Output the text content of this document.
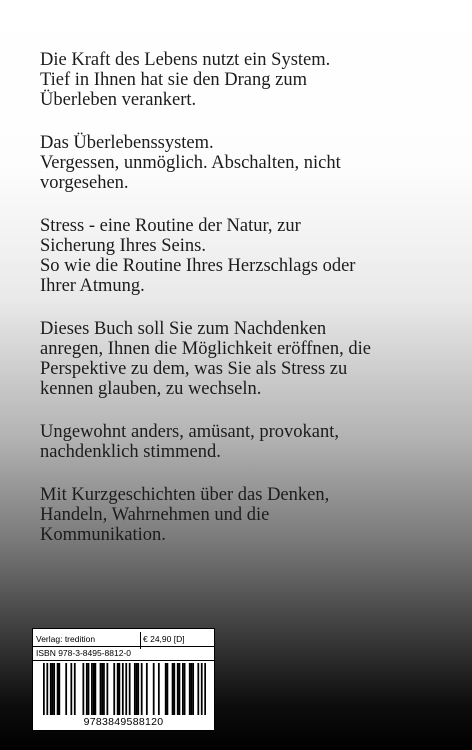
Die Kraft des Lebens nutzt ein System.
Tief in Ihnen hat sie den Drang zum
Überleben verankert.

Das Überlebenssystem.
Vergessen, unmöglich. Abschalten, nicht
vorgesehen.

Stress - eine Routine der Natur, zur
Sicherung Ihres Seins.
So wie die Routine Ihres Herzschlags oder
Ihrer Atmung.

Dieses Buch soll Sie zum Nachdenken
anregen, Ihnen die Möglichkeit eröffnen, die
Perspektive zu dem, was Sie als Stress zu
kennen glauben, zu wechseln.

Ungewohnt anders, amüsant, provokant,
nachdenklich stimmend.

Mit Kurzgeschichten über das Denken,
Handeln, Wahrnehmen und die
Kommunikation.

Verlag: tredition	€ 24,90 [D]
ISBN 978-3-8495-8812-0
9783849588120
